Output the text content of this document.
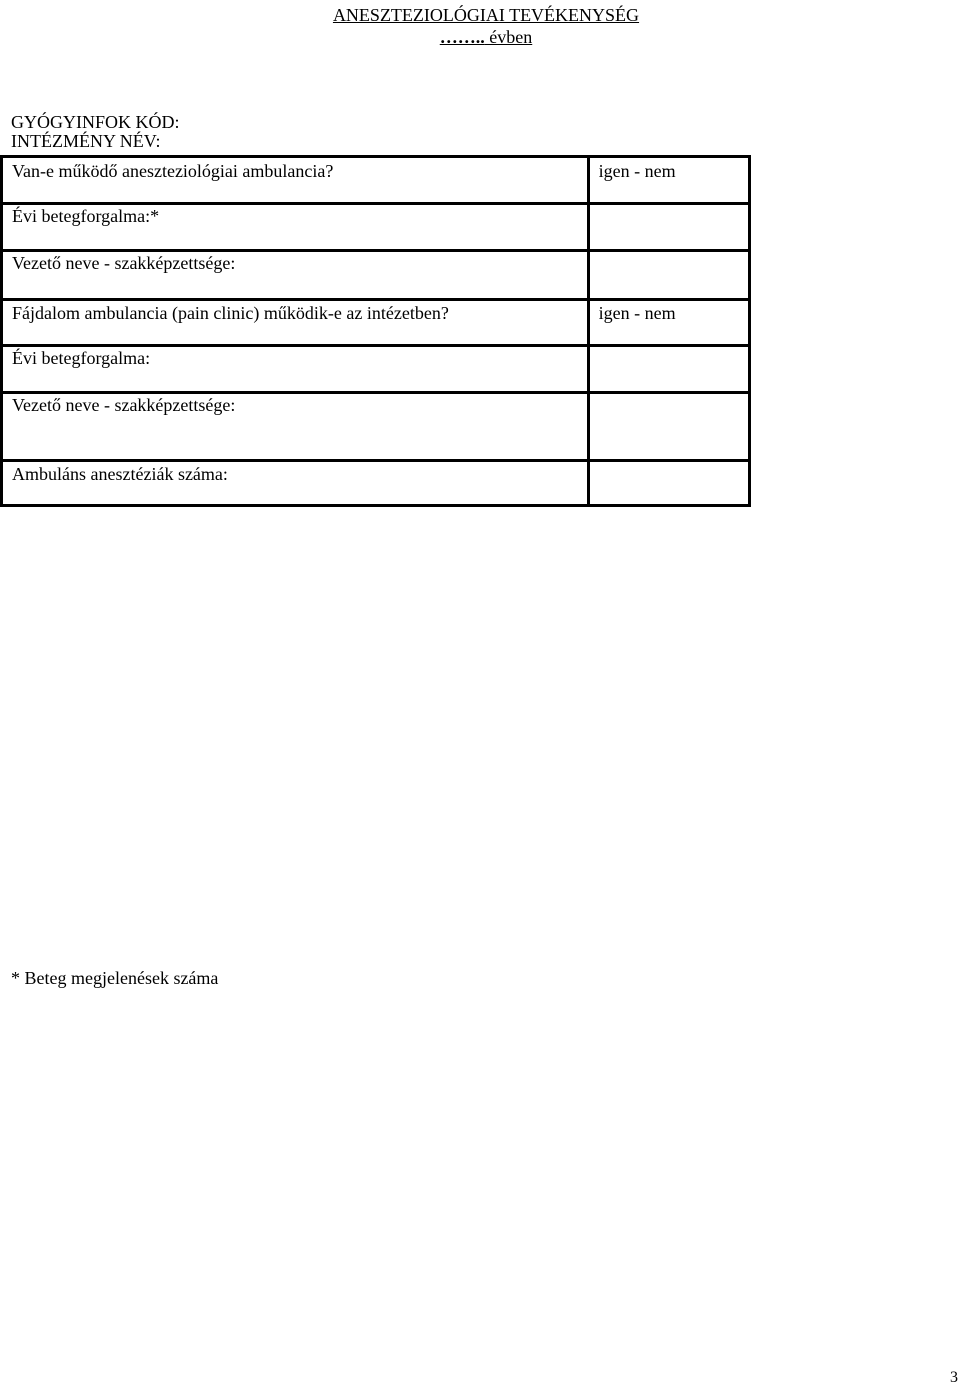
ANESZTEZIOLÓGIAI TEVÉKENYSÉG
…….. évben
GYÓGYINFOK KÓD:
INTÉZMÉNY NÉV:
Van-e működő aneszteziológiai ambulancia?	igen - nem
Évi betegforgalma:*	
Vezető neve - szakképzettsége:	
Fájdalom ambulancia (pain clinic) működik-e az intézetben?	igen - nem
Évi betegforgalma:	
Vezető neve - szakképzettsége:	
Ambuláns anesztéziák száma:	
* Beteg megjelenések száma
3
